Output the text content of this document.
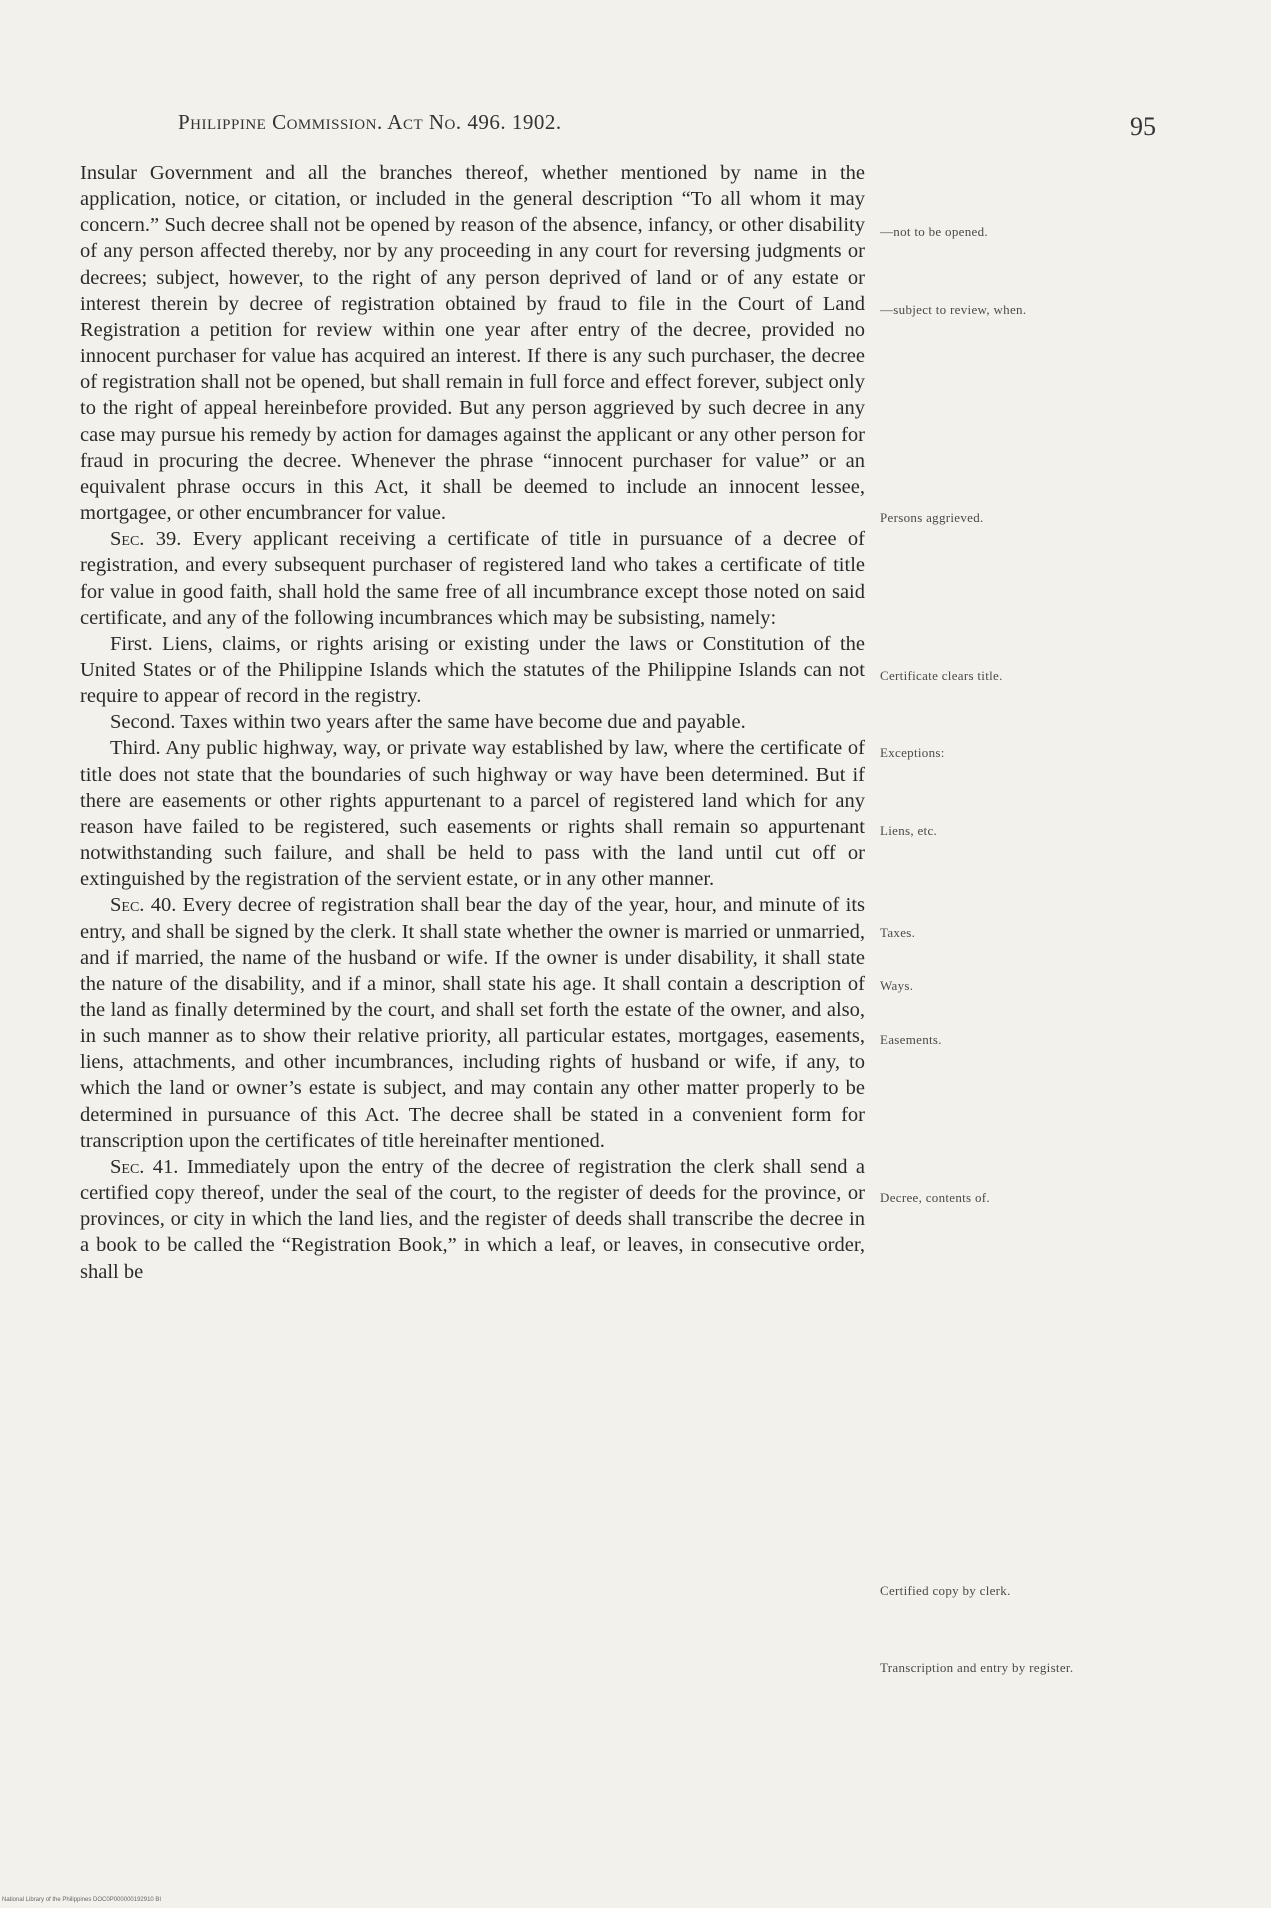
Philippine Commission. Act No. 496. 1902.	95

Insular Government and all the branches thereof, whether mentioned by name in the application, notice, or citation, or included in the general description “To all whom it may concern.” Such decree shall not be opened by reason of the absence, infancy, or other disability of any person affected thereby, nor by any proceeding in any court for reversing judgments or decrees; subject, however, to the right of any person deprived of land or of any estate or interest therein by decree of registration obtained by fraud to file in the Court of Land Registration a petition for review within one year after entry of the decree, provided no innocent purchaser for value has acquired an interest. If there is any such purchaser, the decree of registration shall not be opened, but shall remain in full force and effect forever, subject only to the right of appeal hereinbefore provided. But any person aggrieved by such decree in any case may pursue his remedy by action for damages against the applicant or any other person for fraud in procuring the decree. Whenever the phrase “innocent purchaser for value” or an equivalent phrase occurs in this Act, it shall be deemed to include an innocent lessee, mortgagee, or other encumbrancer for value.

Sec. 39. Every applicant receiving a certificate of title in pursuance of a decree of registration, and every subsequent purchaser of registered land who takes a certificate of title for value in good faith, shall hold the same free of all incumbrance except those noted on said certificate, and any of the following incumbrances which may be subsisting, namely:

First. Liens, claims, or rights arising or existing under the laws or Constitution of the United States or of the Philippine Islands which the statutes of the Philippine Islands can not require to appear of record in the registry.

Second. Taxes within two years after the same have become due and payable.

Third. Any public highway, way, or private way established by law, where the certificate of title does not state that the boundaries of such highway or way have been determined. But if there are easements or other rights appurtenant to a parcel of registered land which for any reason have failed to be registered, such easements or rights shall remain so appurtenant notwithstanding such failure, and shall be held to pass with the land until cut off or extinguished by the registration of the servient estate, or in any other manner.

Sec. 40. Every decree of registration shall bear the day of the year, hour, and minute of its entry, and shall be signed by the clerk. It shall state whether the owner is married or unmarried, and if married, the name of the husband or wife. If the owner is under disability, it shall state the nature of the disability, and if a minor, shall state his age. It shall contain a description of the land as finally determined by the court, and shall set forth the estate of the owner, and also, in such manner as to show their relative priority, all particular estates, mortgages, easements, liens, attachments, and other incumbrances, including rights of husband or wife, if any, to which the land or owner’s estate is subject, and may contain any other matter properly to be determined in pursuance of this Act. The decree shall be stated in a convenient form for transcription upon the certificates of title hereinafter mentioned.

Sec. 41. Immediately upon the entry of the decree of registration the clerk shall send a certified copy thereof, under the seal of the court, to the register of deeds for the province, or provinces, or city in which the land lies, and the register of deeds shall transcribe the decree in a book to be called the “Registration Book,” in which a leaf, or leaves, in consecutive order, shall be

—not to be opened.
—subject to review, when.
Persons aggrieved.
Certificate clears title.
Exceptions:
Liens, etc.
Taxes.
Ways.
Easements.
Decree, contents of.
Certified copy by clerk.
Transcription and entry by register.
National Library of the Philippines DOC0P000000192910 BI
